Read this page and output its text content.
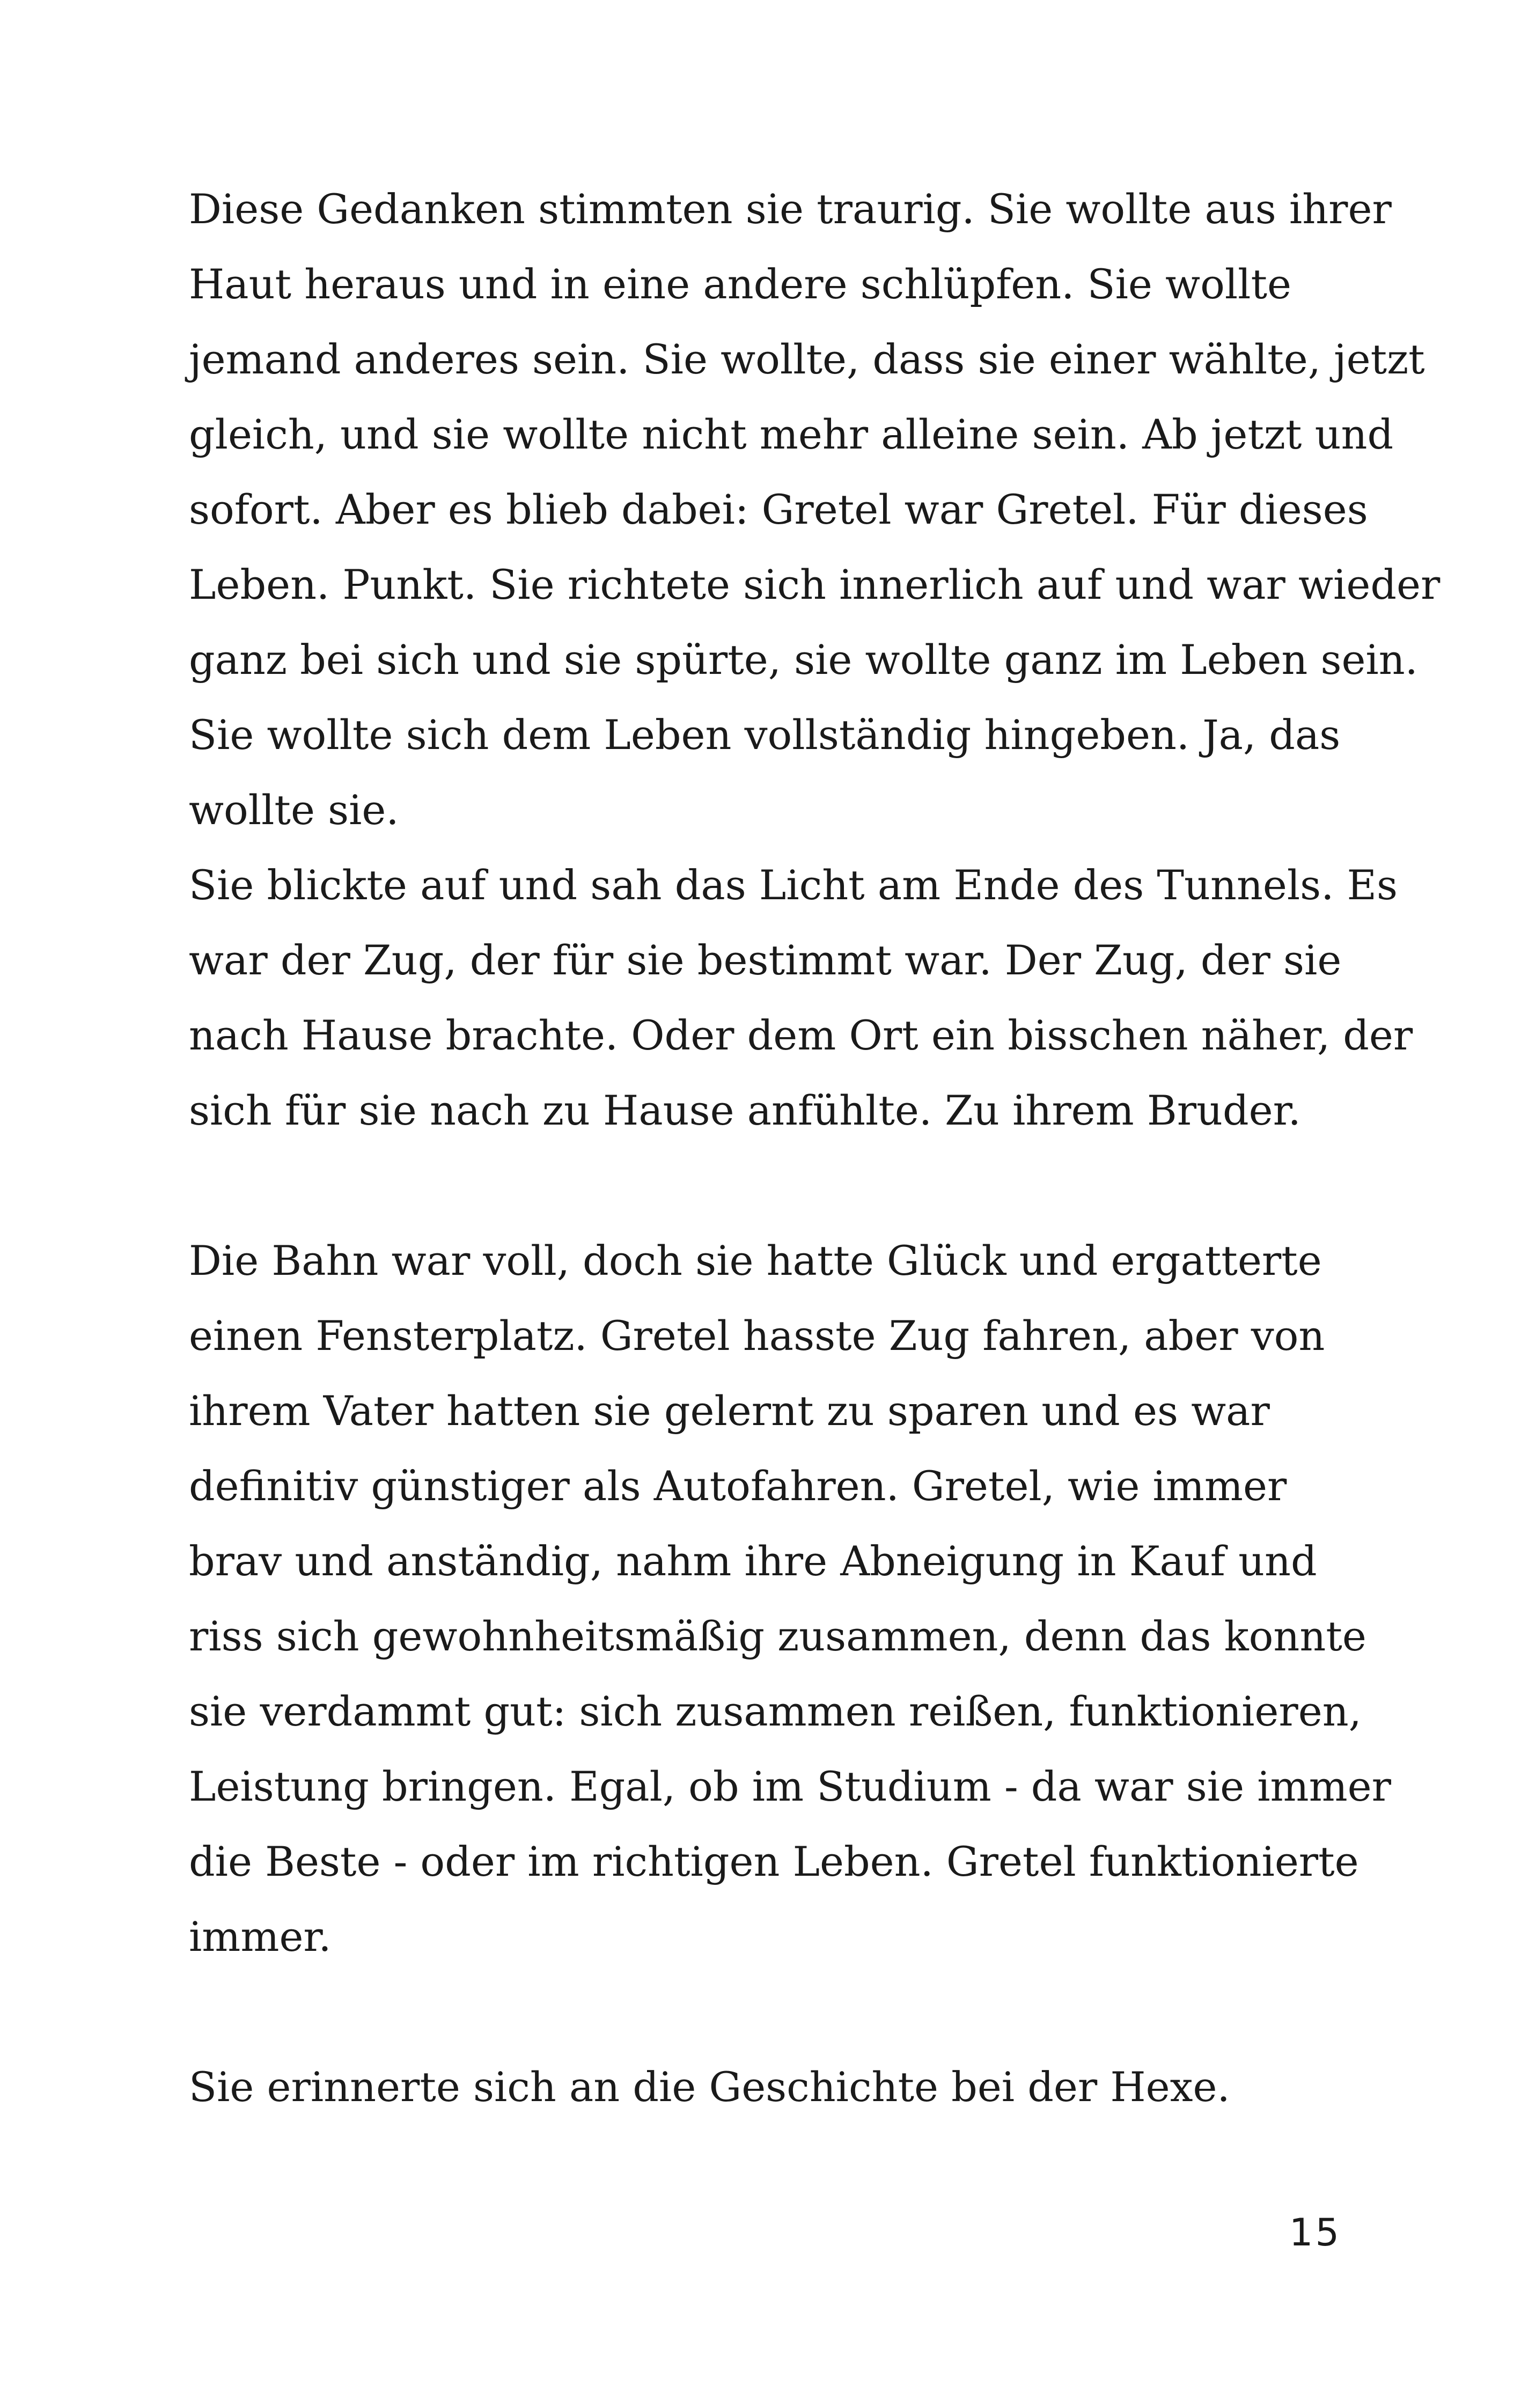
Diese Gedanken stimmten sie traurig. Sie wollte aus ihrer
Haut heraus und in eine andere schlüpfen. Sie wollte
jemand anderes sein. Sie wollte, dass sie einer wählte, jetzt
gleich, und sie wollte nicht mehr alleine sein. Ab jetzt und
sofort. Aber es blieb dabei: Gretel war Gretel. Für dieses
Leben. Punkt. Sie richtete sich innerlich auf und war wieder
ganz bei sich und sie spürte, sie wollte ganz im Leben sein.
Sie wollte sich dem Leben vollständig hingeben. Ja, das
wollte sie.
Sie blickte auf und sah das Licht am Ende des Tunnels. Es
war der Zug, der für sie bestimmt war. Der Zug, der sie
nach Hause brachte. Oder dem Ort ein bisschen näher, der
sich für sie nach zu Hause anfühlte. Zu ihrem Bruder.
Die Bahn war voll, doch sie hatte Glück und ergatterte
einen Fensterplatz. Gretel hasste Zug fahren, aber von
ihrem Vater hatten sie gelernt zu sparen und es war
definitiv günstiger als Autofahren. Gretel, wie immer
brav und anständig, nahm ihre Abneigung in Kauf und
riss sich gewohnheitsmäßig zusammen, denn das konnte
sie verdammt gut: sich zusammen reißen, funktionieren,
Leistung bringen. Egal, ob im Studium - da war sie immer
die Beste - oder im richtigen Leben. Gretel funktionierte
immer.
Sie erinnerte sich an die Geschichte bei der Hexe.
15
